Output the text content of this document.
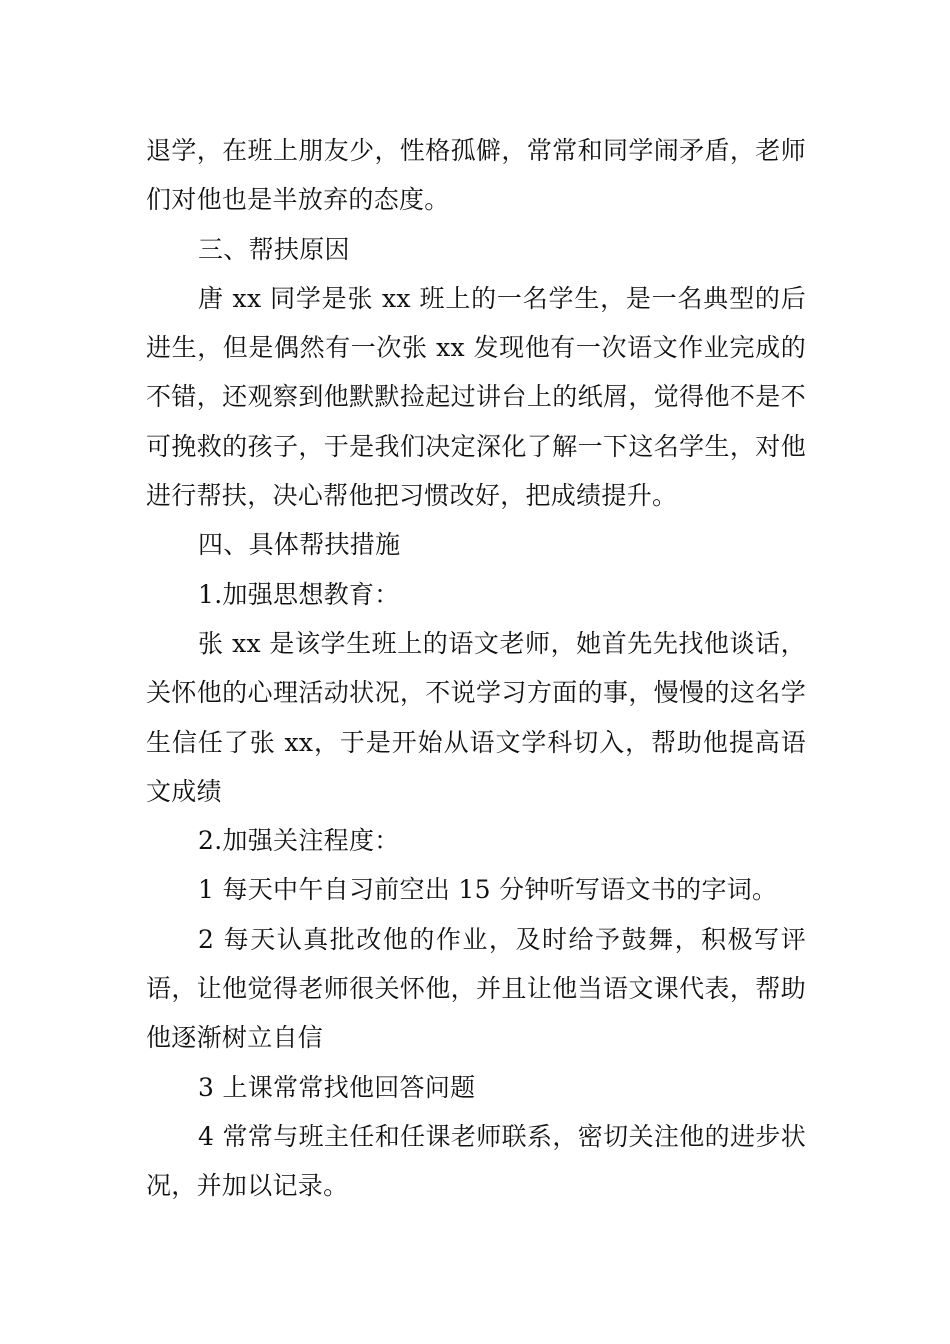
退学，在班上朋友少，性格孤僻，常常和同学闹矛盾，老师们对他也是半放弃的态度。

三、帮扶原因

唐 xx 同学是张 xx 班上的一名学生，是一名典型的后进生，但是偶然有一次张 xx 发现他有一次语文作业完成的不错，还观察到他默默捡起过讲台上的纸屑，觉得他不是不可挽救的孩子，于是我们决定深化了解一下这名学生，对他进行帮扶，决心帮他把习惯改好，把成绩提升。

四、具体帮扶措施

1.加强思想教育：

张 xx 是该学生班上的语文老师，她首先先找他谈话，关怀他的心理活动状况，不说学习方面的事，慢慢的这名学生信任了张 xx，于是开始从语文学科切入，帮助他提高语文成绩

2.加强关注程度：

1 每天中午自习前空出 15 分钟听写语文书的字词。

2 每天认真批改他的作业，及时给予鼓舞，积极写评语，让他觉得老师很关怀他，并且让他当语文课代表，帮助他逐渐树立自信

3 上课常常找他回答问题

4 常常与班主任和任课老师联系，密切关注他的进步状况，并加以记录。
